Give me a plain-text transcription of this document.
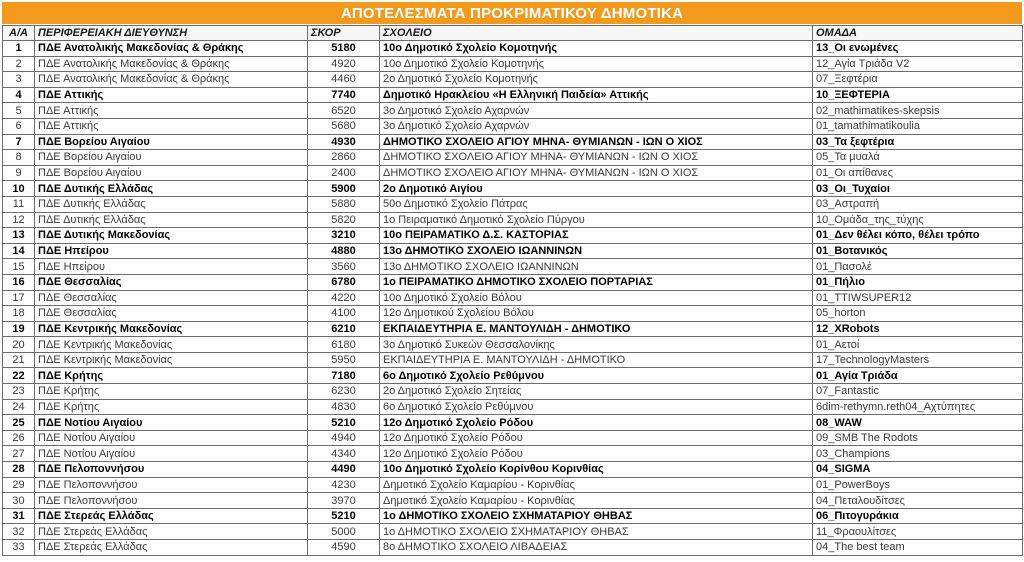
ΑΠΟΤΕΛΕΣΜΑΤΑ ΠΡΟΚΡΙΜΑΤΙΚΟΥ ΔΗΜΟΤΙΚΑ
Α/Α	ΠΕΡΙΦΕΡΕΙΑΚΗ ΔΙΕΥΘΥΝΣΗ	ΣΚΟΡ	ΣΧΟΛΕΙΟ	ΟΜΑΔΑ
1	ΠΔΕ Ανατολικής Μακεδονίας & Θράκης	5180	10ο Δημοτικό Σχολείο Κομοτηνής	13_Οι ενωμένες
2	ΠΔΕ Ανατολικής Μακεδονίας & Θράκης	4920	10ο Δημοτικό Σχολείο Κομοτηνής	12_Αγία Τριάδα V2
3	ΠΔΕ Ανατολικής Μακεδονίας & Θράκης	4460	2ο Δημοτικό Σχολείο Κομοτηνής	07_Ξεφτέρια
4	ΠΔΕ Αττικής	7740	Δημοτικό Ηρακλείου «Η Ελληνική Παιδεία» Αττικής	10_ΞΕΦΤΕΡΙΑ
5	ΠΔΕ Αττικής	6520	3ο Δημοτικό Σχολείο Αχαρνών	02_mathimatikes-skepsis
6	ΠΔΕ Αττικής	5680	3ο Δημοτικό Σχολείο Αχαρνών	01_tamathimatikoulia
7	ΠΔΕ Βορείου Αιγαίου	4930	ΔΗΜΟΤΙΚΟ ΣΧΟΛΕΙΟ ΑΓΙΟΥ ΜΗΝΑ- ΘΥΜΙΑΝΩΝ - ΙΩΝ Ο ΧΙΟΣ	03_Τα ξεφτέρια
8	ΠΔΕ Βορείου Αιγαίου	2860	ΔΗΜΟΤΙΚΟ ΣΧΟΛΕΙΟ ΑΓΙΟΥ ΜΗΝΑ- ΘΥΜΙΑΝΩΝ - ΙΩΝ Ο ΧΙΟΣ	05_Τα μυαλά
9	ΠΔΕ Βορείου Αιγαίου	2400	ΔΗΜΟΤΙΚΟ ΣΧΟΛΕΙΟ ΑΓΙΟΥ ΜΗΝΑ- ΘΥΜΙΑΝΩΝ - ΙΩΝ Ο ΧΙΟΣ	01_Οι απίθανες
10	ΠΔΕ Δυτικής Ελλάδας	5900	2ο Δημοτικό Αιγίου	03_Οι_Τυχαίοι
11	ΠΔΕ Δυτικής Ελλάδας	5880	50ο Δημοτικό Σχολείο Πάτρας	03_Αστραπή
12	ΠΔΕ Δυτικής Ελλάδας	5820	1ο Πειραματικό Δημοτικό Σχολείο Πύργου	10_Ομάδα_της_τύχης
13	ΠΔΕ Δυτικής Μακεδονίας	3210	10ο ΠΕΙΡΑΜΑΤΙΚΟ Δ.Σ. ΚΑΣΤΟΡΙΑΣ	01_Δεν θέλει κόπο, θέλει τρόπο
14	ΠΔΕ Ηπείρου	4880	13ο ΔΗΜΟΤΙΚΟ ΣΧΟΛΕΙΟ ΙΩΑΝΝΙΝΩΝ	01_Βοτανικός
15	ΠΔΕ Ηπείρου	3560	13ο ΔΗΜΟΤΙΚΟ ΣΧΟΛΕΙΟ ΙΩΑΝΝΙΝΩΝ	01_Πασολέ
16	ΠΔΕ Θεσσαλίας	6780	1ο ΠΕΙΡΑΜΑΤΙΚΟ ΔΗΜΟΤΙΚΟ ΣΧΟΛΕΙΟ ΠΟΡΤΑΡΙΑΣ	01_Πήλιο
17	ΠΔΕ Θεσσαλίας	4220	10ο Δημοτικό Σχολείο Βόλου	01_TTIWSUPER12
18	ΠΔΕ Θεσσαλίας	4100	12ο Δημοτικού Σχολείου Βόλου	05_horton
19	ΠΔΕ Κεντρικής Μακεδονίας	6210	ΕΚΠΑΙΔΕΥΤΗΡΙΑ Ε. ΜΑΝΤΟΥΛΙΔΗ - ΔΗΜΟΤΙΚΟ	12_XRobots
20	ΠΔΕ Κεντρικής Μακεδονίας	6180	3ο Δημοτικό Συκεών Θεσσαλονίκης	01_Αετοί
21	ΠΔΕ Κεντρικής Μακεδονίας	5950	ΕΚΠΑΙΔΕΥΤΗΡΙΑ Ε. ΜΑΝΤΟΥΛΙΔΗ - ΔΗΜΟΤΙΚΟ	17_TechnologyMasters
22	ΠΔΕ Κρήτης	7180	6ο Δημοτικό Σχολείο Ρεθύμνου	01_Αγία Τριάδα
23	ΠΔΕ Κρήτης	6230	2ο Δημοτικό Σχολείο Σητείας	07_Fantastic
24	ΠΔΕ Κρήτης	4830	6ο Δημοτικό Σχολείο Ρεθύμνου	6dim-rethymn.reth04_Αχτύπητες
25	ΠΔΕ Νοτίου Αιγαίου	5210	12ο Δημοτικό Σχολείο Ρόδου	08_WAW
26	ΠΔΕ Νοτίου Αιγαίου	4940	12ο Δημοτικό Σχολείο Ρόδου	09_SMB The Rodots
27	ΠΔΕ Νοτίου Αιγαίου	4340	12ο Δημοτικό Σχολείο Ρόδου	03_Champions
28	ΠΔΕ Πελοποννήσου	4490	10ο Δημοτικό Σχολείο Κορίνθου Κορινθίας	04_SIGMA
29	ΠΔΕ Πελοποννήσου	4230	Δημοτικό Σχολείο Καμαρίου - Κορινθίας	01_PowerBoys
30	ΠΔΕ Πελοποννήσου	3970	Δημοτικό Σχολείο Καμαρίου - Κορινθίας	04_Πεταλουδίτσες
31	ΠΔΕ Στερεάς Ελλάδας	5210	1ο ΔΗΜΟΤΙΚΟ ΣΧΟΛΕΙΟ ΣΧΗΜΑΤΑΡΙΟΥ ΘΗΒΑΣ	06_Πιτογυράκια
32	ΠΔΕ Στερεάς Ελλάδας	5000	1ο ΔΗΜΟΤΙΚΟ ΣΧΟΛΕΙΟ ΣΧΗΜΑΤΑΡΙΟΥ ΘΗΒΑΣ	11_Φραουλίτσες
33	ΠΔΕ Στερεάς Ελλάδας	4590	8ο ΔΗΜΟΤΙΚΟ ΣΧΟΛΕΙΟ ΛΙΒΑΔΕΙΑΣ	04_The best team
